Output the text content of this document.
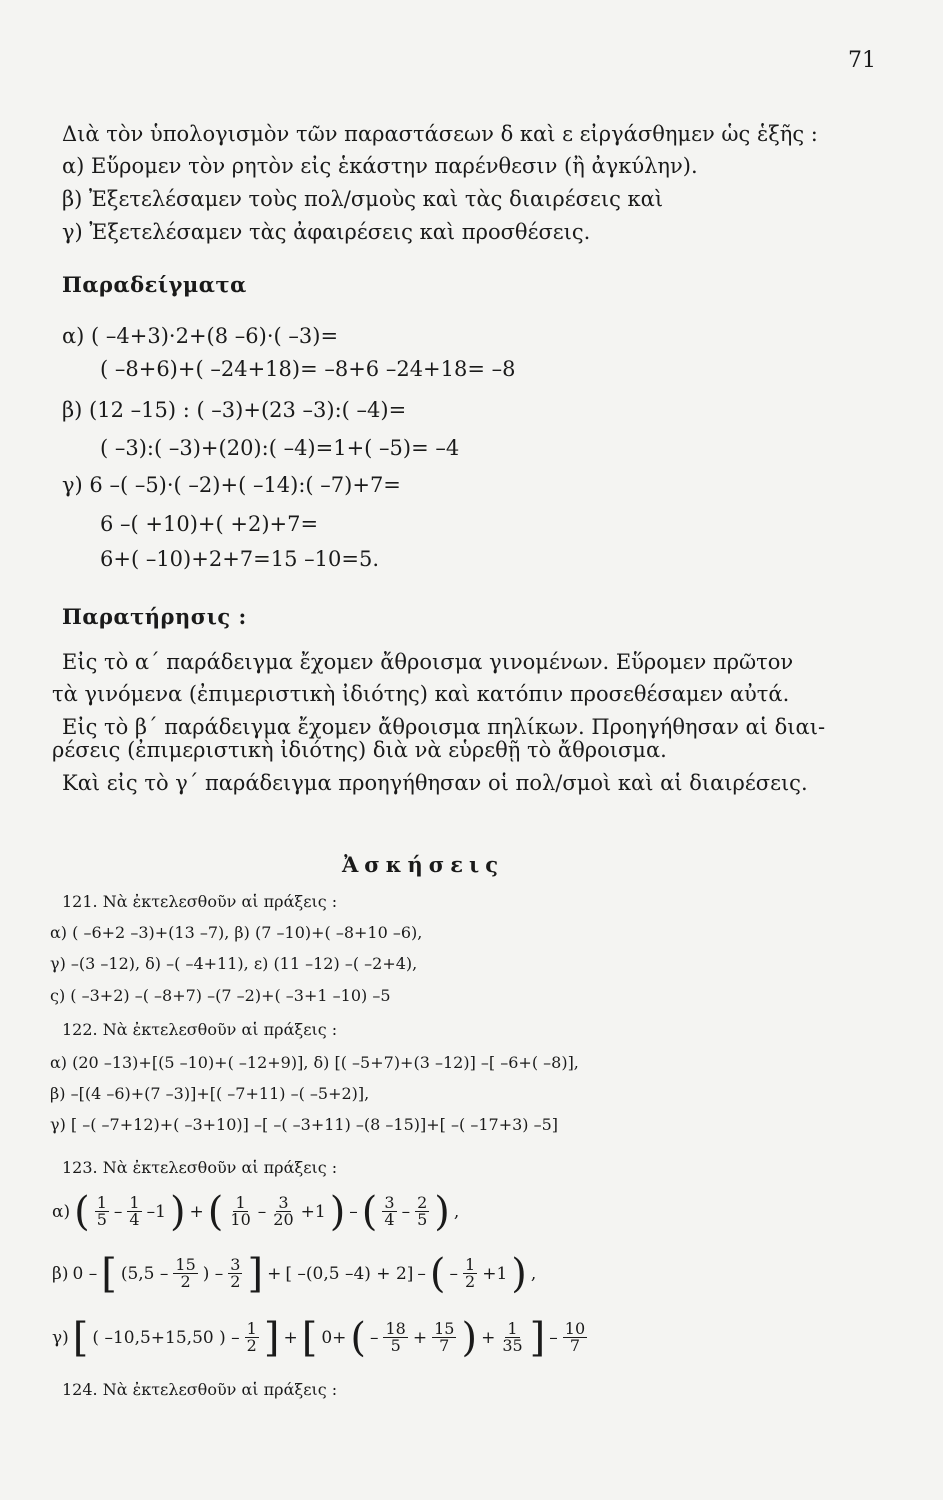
71
Διὰ τὸν ὑπολογισμὸν τῶν παραστάσεων δ καὶ ε εἰργάσθημεν ὡς ἑξῆς :
α) Εὕρομεν τὸν ρητὸν εἰς ἑκάστην παρένθεσιν (ἢ ἀγκύλην).
β) Ἐξετελέσαμεν τοὺς πολ/σμοὺς καὶ τὰς διαιρέσεις καὶ
γ) Ἐξετελέσαμεν τὰς ἀφαιρέσεις καὶ προσθέσεις.
Παραδείγματα
α) ( –4+3)·2+(8 –6)·( –3)=
( –8+6)+( –24+18)= –8+6 –24+18= –8
β) (12 –15) : ( –3)+(23 –3):( –4)=
( –3):( –3)+(20):( –4)=1+( –5)= –4
γ) 6 –( –5)·( –2)+( –14):( –7)+7=
6 –( +10)+( +2)+7=
6+( –10)+2+7=15 –10=5.
Παρατήρησις :
Εἰς τὸ α΄ παράδειγμα ἔχομεν ἄθροισμα γινομένων. Εὕρομεν πρῶτον
τὰ γινόμενα (ἐπιμεριστικὴ ἰδιότης) καὶ κατόπιν προσεθέσαμεν αὐτά.
Εἰς τὸ β΄ παράδειγμα ἔχομεν ἄθροισμα πηλίκων. Προηγήθησαν αἱ διαι-
ρέσεις (ἐπιμεριστικὴ ἰδιότης) διὰ νὰ εὑρεθῇ τὸ ἄθροισμα.
Καὶ εἰς τὸ γ΄ παράδειγμα προηγήθησαν οἱ πολ/σμοὶ καὶ αἱ διαιρέσεις.
Ἀσκήσεις
121. Νὰ ἐκτελεσθοῦν αἱ πράξεις :
α) ( –6+2 –3)+(13 –7), β) (7 –10)+( –8+10 –6),
γ) –(3 –12), δ) –( –4+11), ε) (11 –12) –( –2+4),
ς) ( –3+2) –( –8+7) –(7 –2)+( –3+1 –10) –5
122. Νὰ ἐκτελεσθοῦν αἱ πράξεις :
α) (20 –13)+[(5 –10)+( –12+9)], δ) [( –5+7)+(3 –12)] –[ –6+( –8)],
β) –[(4 –6)+(7 –3)]+[( –7+11) –( –5+2)],
γ) [ –( –7+12)+( –3+10)] –[ –( –3+11) –(8 –15)]+[ –( –17+3) –5]
123. Νὰ ἐκτελεσθοῦν αἱ πράξεις :
α) ( $\frac{1}{5} - \frac{1}{4} -1$ ) + ( $\frac{1}{10} - \frac{3}{20} +1$ ) – ( $\frac{3}{4} - \frac{2}{5}$ ) ,
β) 0 – [ ($5,5 - \frac{15}{2}$ ) – $\frac{3}{2}$ ] + [ –(0,5 –4) + 2] – ( – $\frac{1}{2} +1$ ) ,
γ) [ ( –10,5+15,50 ) – $\frac{1}{2}$ ] + [ 0+ ( – $\frac{18}{5} + \frac{15}{7}$ ) + $\frac{1}{35}$ ] – $\frac{10}{7}$
124. Νὰ ἐκτελεσθοῦν αἱ πράξεις :
